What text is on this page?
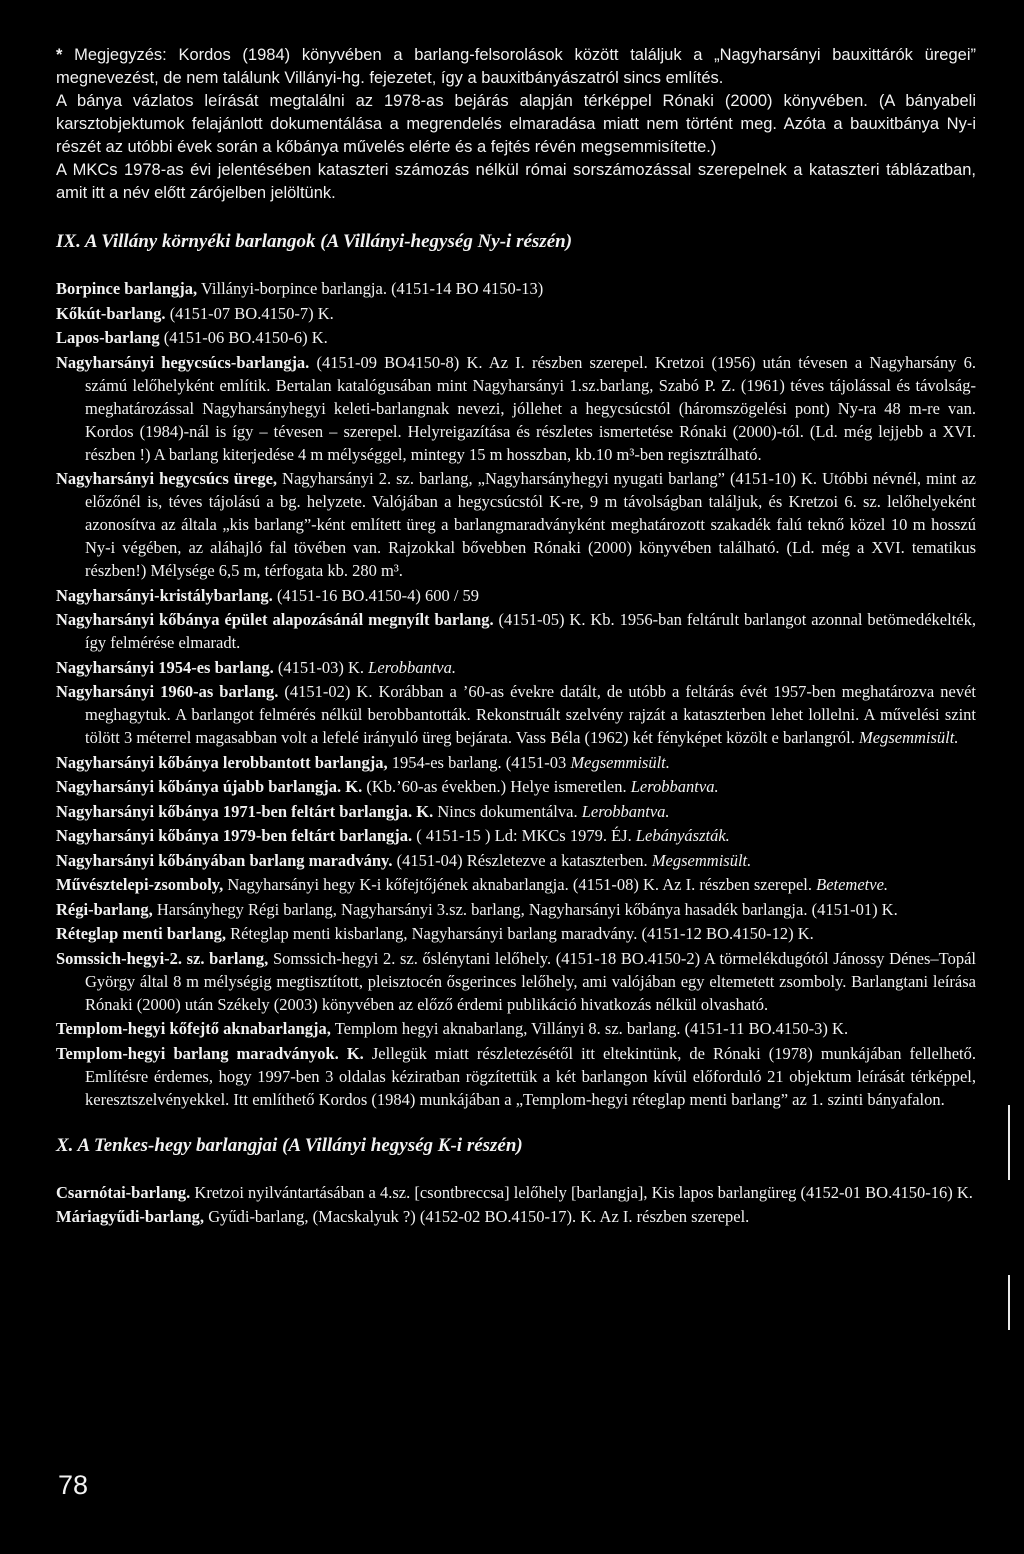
* Megjegyzés: Kordos (1984) könyvében a barlang-felsorolások között találjuk a „Nagyharsányi bauxittárók üregei” megnevezést, de nem találunk Villányi-hg. fejezetet, így a bauxitbányászatról sincs említés.

A bánya vázlatos leírását megtalálni az 1978-as bejárás alapján térképpel Rónaki (2000) könyvében. (A bányabeli karsztobjektumok felajánlott dokumentálása a megrendelés elmaradása miatt nem történt meg. Azóta a bauxitbánya Ny-i részét az utóbbi évek során a kőbánya művelés elérte és a fejtés révén megsemmisítette.)

A MKCs 1978-as évi jelentésében kataszteri számozás nélkül római sorszámozással szerepelnek a kataszteri táblázatban, amit itt a név előtt zárójelben jelöltünk.

IX. A Villány környéki barlangok (A Villányi-hegység Ny-i részén)

Borpince barlangja, Villányi-borpince barlangja. (4151-14 BO 4150-13)

Kőkút-barlang. (4151-07 BO.4150-7) K.

Lapos-barlang (4151-06 BO.4150-6) K.

Nagyharsányi hegycsúcs-barlangja. (4151-09 BO4150-8) K. Az I. részben szerepel. Kretzoi (1956) után tévesen a Nagyharsány 6. számú lelőhelyként említik. Bertalan katalógusában mint Nagyharsányi 1.sz.barlang, Szabó P. Z. (1961) téves tájolással és távolság-meghatározással Nagyharsányhegyi keleti-barlangnak nevezi, jóllehet a hegycsúcstól (háromszögelési pont) Ny-ra 48 m-re van. Kordos (1984)-nál is így – tévesen – szerepel. Helyreigazítása és részletes ismertetése Rónaki (2000)-tól. (Ld. még lejjebb a XVI. részben !) A barlang kiterjedése 4 m mélységgel, mintegy 15 m hosszban, kb.10 m³-ben regisztrálható.

Nagyharsányi hegycsúcs ürege, Nagyharsányi 2. sz. barlang, „Nagyharsányhegyi nyugati barlang” (4151-10) K. Utóbbi névnél, mint az előzőnél is, téves tájolású a bg. helyzete. Valójában a hegycsúcstól K-re, 9 m távolságban találjuk, és Kretzoi 6. sz. lelőhelyeként azonosítva az általa „kis barlang”-ként említett üreg a barlangmaradványként meghatározott szakadék falú teknő közel 10 m hosszú Ny-i végében, az aláhajló fal tövében van. Rajzokkal bővebben Rónaki (2000) könyvében található. (Ld. még a XVI. tematikus részben!) Mélysége 6,5 m, térfogata kb. 280 m³.

Nagyharsányi-kristálybarlang. (4151-16 BO.4150-4) 600 / 59

Nagyharsányi kőbánya épület alapozásánál megnyílt barlang. (4151-05) K. Kb. 1956-ban feltárult barlangot azonnal betömedékelték, így felmérése elmaradt.

Nagyharsányi 1954-es barlang. (4151-03) K. Lerobbantva.

Nagyharsányi 1960-as barlang. (4151-02) K. Korábban a ’60-as évekre datált, de utóbb a feltárás évét 1957-ben meghatározva nevét meghagytuk. A barlangot felmérés nélkül berobbantották. Rekonstruált szelvény rajzát a kataszterben lehet lollelni. A művelési szint tölött 3 méterrel magasabban volt a lefelé irányuló üreg bejárata. Vass Béla (1962) két fényképet közölt e barlangról. Megsemmisült.

Nagyharsányi kőbánya lerobbantott barlangja, 1954-es barlang. (4151-03 Megsemmisült.

Nagyharsányi kőbánya újabb barlangja. K. (Kb.’60-as években.) Helye ismeretlen. Lerobbantva.

Nagyharsányi kőbánya 1971-ben feltárt barlangja. K. Nincs dokumentálva. Lerobbantva.

Nagyharsányi kőbánya 1979-ben feltárt barlangja. ( 4151-15 ) Ld: MKCs 1979. ÉJ. Lebányászták.

Nagyharsányi kőbányában barlang maradvány. (4151-04) Részletezve a kataszterben. Megsemmisült.

Művésztelepi-zsomboly, Nagyharsányi hegy K-i kőfejtőjének aknabarlangja. (4151-08) K. Az I. részben szerepel. Betemetve.

Régi-barlang, Harsányhegy Régi barlang, Nagyharsányi 3.sz. barlang, Nagyharsányi kőbánya hasadék barlangja. (4151-01) K.

Réteglap menti barlang, Réteglap menti kisbarlang, Nagyharsányi barlang maradvány. (4151-12 BO.4150-12) K.

Somssich-hegyi-2. sz. barlang, Somssich-hegyi 2. sz. őslénytani lelőhely. (4151-18 BO.4150-2) A törmelékdugótól Jánossy Dénes–Topál György által 8 m mélységig megtisztított, pleisztocén ősgerinces lelőhely, ami valójában egy eltemetett zsomboly. Barlangtani leírása Rónaki (2000) után Székely (2003) könyvében az előző érdemi publikáció hivatkozás nélkül olvasható.

Templom-hegyi kőfejtő aknabarlangja, Templom hegyi aknabarlang, Villányi 8. sz. barlang. (4151-11 BO.4150-3) K.

Templom-hegyi barlang maradványok. K. Jellegük miatt részletezésétől itt eltekintünk, de Rónaki (1978) munkájában fellelhető. Említésre érdemes, hogy 1997-ben 3 oldalas kéziratban rögzítettük a két barlangon kívül előforduló 21 objektum leírását térképpel, keresztszelvényekkel. Itt említhető Kordos (1984) munkájában a „Templom-hegyi réteglap menti barlang” az 1. szinti bányafalon.

X. A Tenkes-hegy barlangjai (A Villányi hegység K-i részén)

Csarnótai-barlang. Kretzoi nyilvántartásában a 4.sz. [csontbreccsa] lelőhely [barlangja], Kis lapos barlangüreg (4152-01 BO.4150-16) K.

Máriagyűdi-barlang, Gyűdi-barlang, (Macskalyuk ?) (4152-02 BO.4150-17). K. Az I. részben szerepel.

78
